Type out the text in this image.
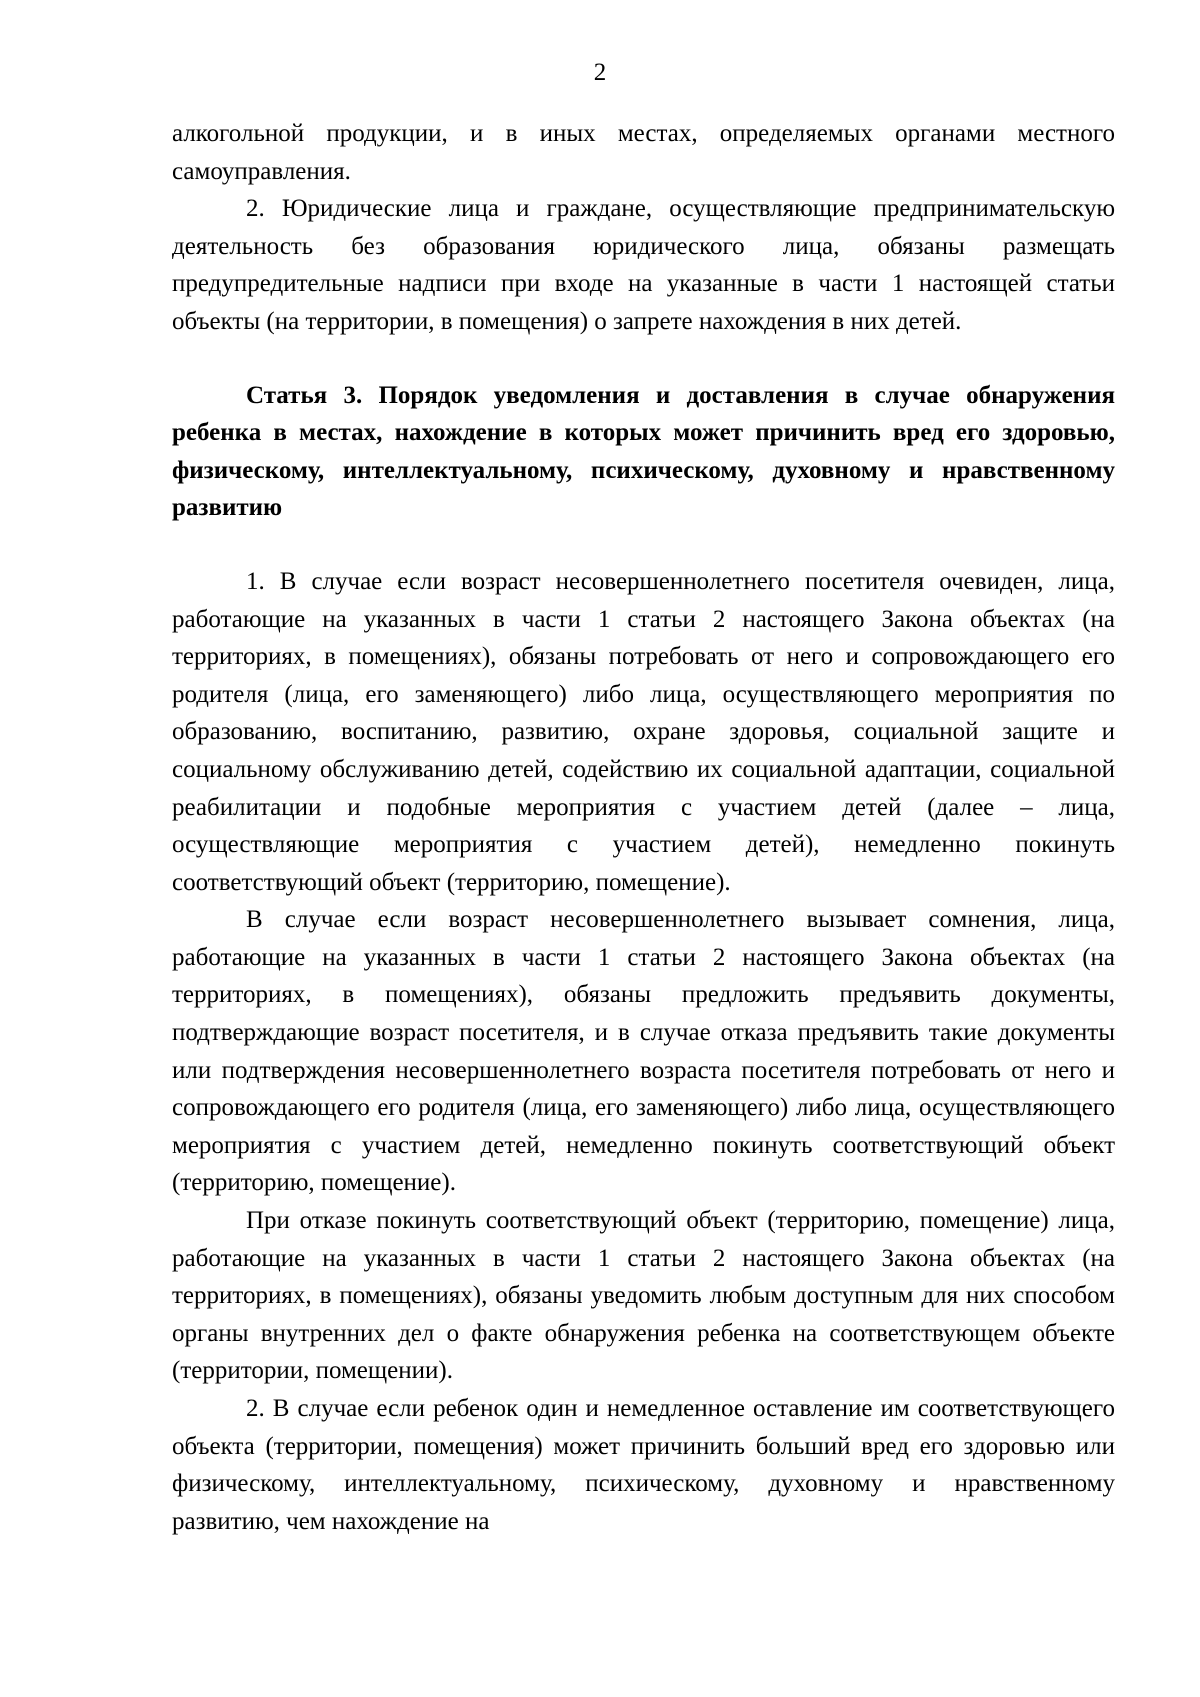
2

алкогольной продукции, и в иных местах, определяемых органами местного самоуправления.

2. Юридические лица и граждане, осуществляющие предпринимательскую деятельность без образования юридического лица, обязаны размещать предупредительные надписи при входе на указанные в части 1 настоящей статьи объекты (на территории, в помещения) о запрете нахождения в них детей.

Статья 3. Порядок уведомления и доставления в случае обнаружения ребенка в местах, нахождение в которых может причинить вред его здоровью, физическому, интеллектуальному, психическому, духовному и нравственному развитию

1. В случае если возраст несовершеннолетнего посетителя очевиден, лица, работающие на указанных в части 1 статьи 2 настоящего Закона объектах (на территориях, в помещениях), обязаны потребовать от него и сопровождающего его родителя (лица, его заменяющего) либо лица, осуществляющего мероприятия по образованию, воспитанию, развитию, охране здоровья, социальной защите и социальному обслуживанию детей, содействию их социальной адаптации, социальной реабилитации и подобные мероприятия с участием детей (далее – лица, осуществляющие мероприятия с участием детей), немедленно покинуть соответствующий объект (территорию, помещение).

В случае если возраст несовершеннолетнего вызывает сомнения, лица, работающие на указанных в части 1 статьи 2 настоящего Закона объектах (на территориях, в помещениях), обязаны предложить предъявить документы, подтверждающие возраст посетителя, и в случае отказа предъявить такие документы или подтверждения несовершеннолетнего возраста посетителя потребовать от него и сопровождающего его родителя (лица, его заменяющего) либо лица, осуществляющего мероприятия с участием детей, немедленно покинуть соответствующий объект (территорию, помещение).

При отказе покинуть соответствующий объект (территорию, помещение) лица, работающие на указанных в части 1 статьи 2 настоящего Закона объектах (на территориях, в помещениях), обязаны уведомить любым доступным для них способом органы внутренних дел о факте обнаружения ребенка на соответствующем объекте (территории, помещении).

2. В случае если ребенок один и немедленное оставление им соответствующего объекта (территории, помещения) может причинить больший вред его здоровью или физическому, интеллектуальному, психическому, духовному и нравственному развитию, чем нахождение на
